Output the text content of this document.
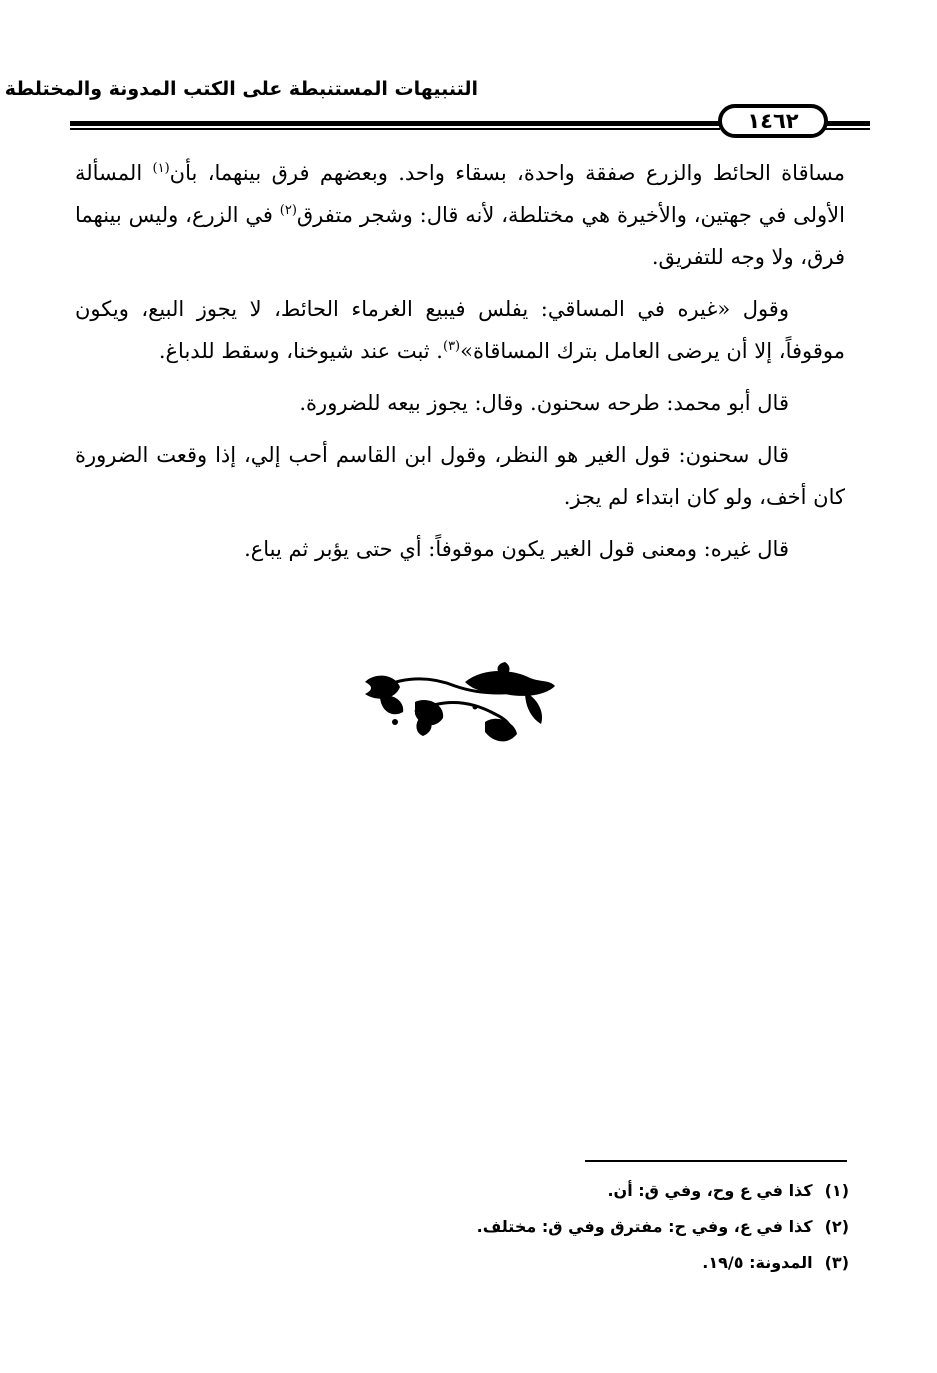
التنبيهات المستنبطة على الكتب المدونة والمختلطة
١٤٦٢

مساقاة الحائط والزرع صفقة واحدة، بسقاء واحد. وبعضهم فرق بينهما، بأن$^{(١)}$ المسألة الأولى في جهتين، والأخيرة هي مختلطة، لأنه قال: وشجر متفرق$^{(٢)}$ في الزرع، وليس بينهما فرق، ولا وجه للتفريق.

وقول «غيره في المساقي: يفلس فيبيع الغرماء الحائط، لا يجوز البيع، ويكون موقوفاً، إلا أن يرضى العامل بترك المساقاة»$^{(٣)}$. ثبت عند شيوخنا، وسقط للدباغ.

قال أبو محمد: طرحه سحنون. وقال: يجوز بيعه للضرورة.

قال سحنون: قول الغير هو النظر، وقول ابن القاسم أحب إلي، إذا وقعت الضرورة كان أخف، ولو كان ابتداء لم يجز.

قال غيره: ومعنى قول الغير يكون موقوفاً: أي حتى يؤبر ثم يباع.

(١)
كذا في ع وح، وفي ق: أن.
(٢)
كذا في ع، وفي ح: مفترق وفي ق: مختلف.
(٣)
المدونة: ١٩/٥.
